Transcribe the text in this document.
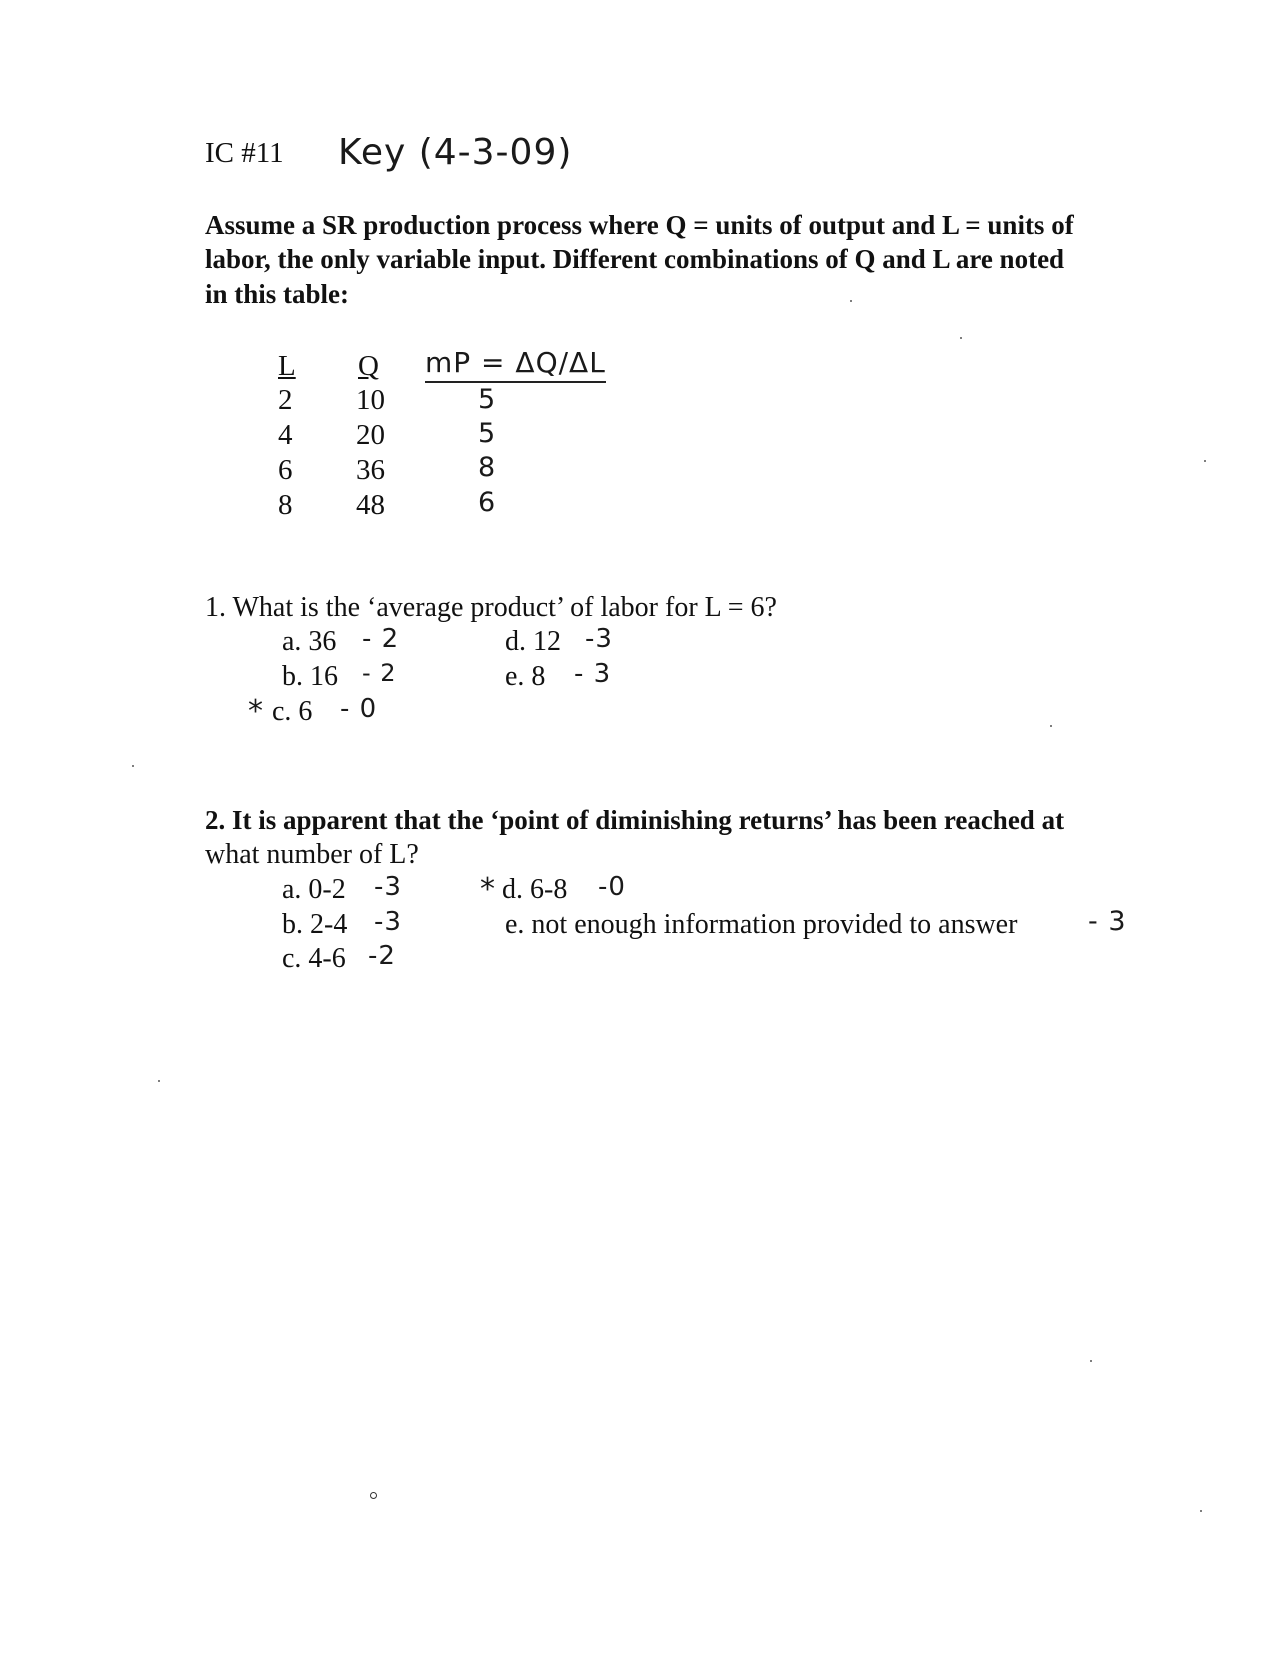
IC #11 Key (4-3-09)
Assume a SR production process where Q = units of output and L = units of
labor, the only variable input. Different combinations of Q and L are noted
in this table:
L Q mP = ΔQ/ΔL
2 10	5
4 20	5
6 36	8
8 48	6
1. What is the ‘average product’ of labor for L = 6?
a. 36 - 2
b. 16 - 2
* c. 6 - 0
d. 12 -3
e. 8 - 3
2. It is apparent that the ‘point of diminishing returns’ has been reached at
what number of L?
a. 0-2 -3
b. 2-4 -3
c. 4-6 -2
* d. 6-8 -0
e. not enough information provided to answer	- 3
